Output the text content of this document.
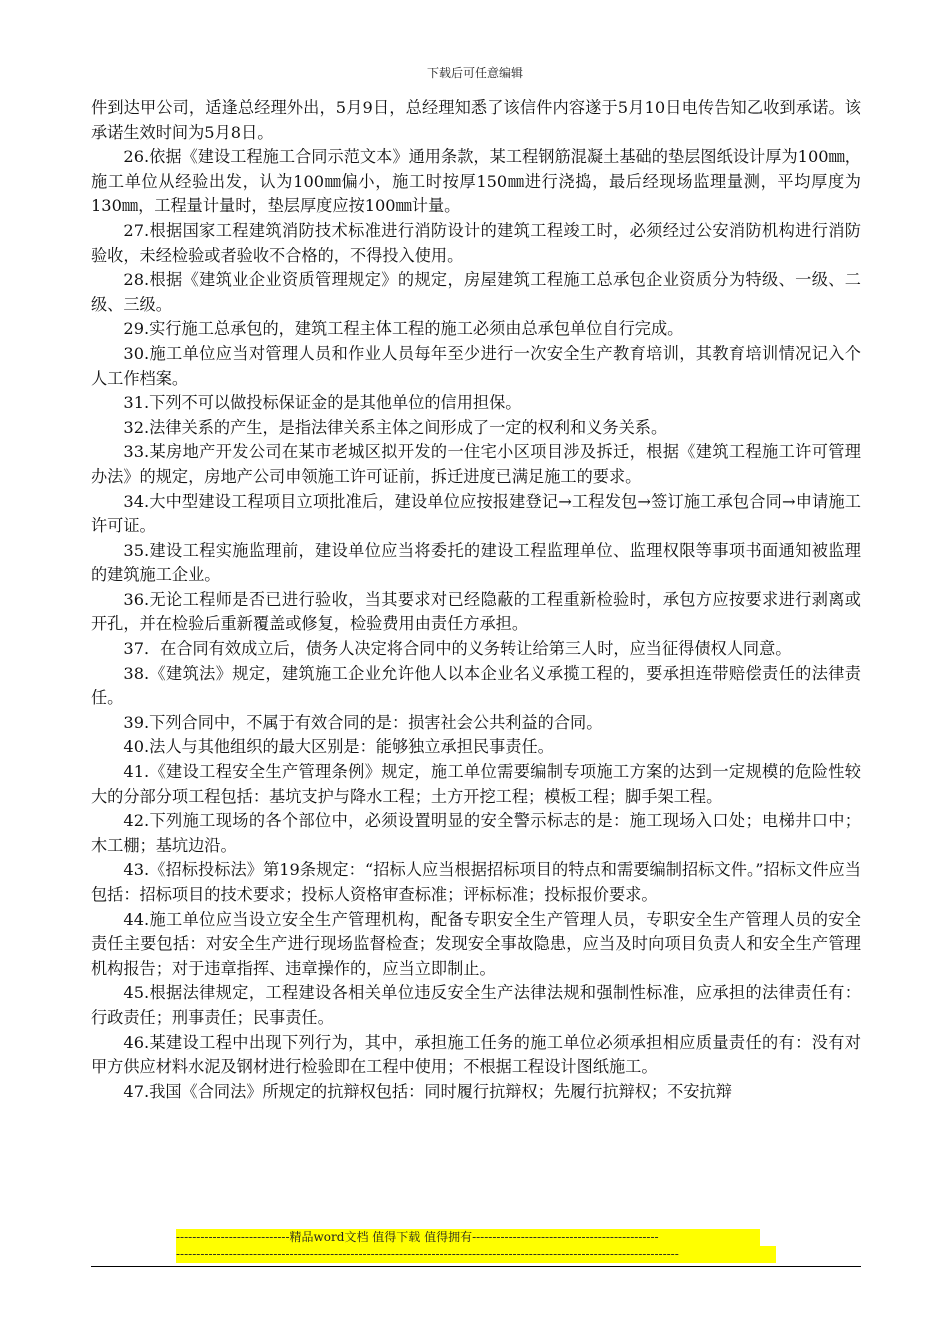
下载后可任意编辑

件到达甲公司，适逢总经理外出，5月9日，总经理知悉了该信件内容遂于5月10日电传告知乙收到承诺。该承诺生效时间为5月8日。

26.依据《建设工程施工合同示范文本》通用条款，某工程钢筋混凝土基础的垫层图纸设计厚为100㎜，施工单位从经验出发，认为100㎜偏小，施工时按厚150㎜进行浇捣，最后经现场监理量测，平均厚度为130㎜，工程量计量时，垫层厚度应按100㎜计量。

27.根据国家工程建筑消防技术标准进行消防设计的建筑工程竣工时，必须经过公安消防机构进行消防验收，未经检验或者验收不合格的，不得投入使用。

28.根据《建筑业企业资质管理规定》的规定，房屋建筑工程施工总承包企业资质分为特级、一级、二级、三级。

29.实行施工总承包的，建筑工程主体工程的施工必须由总承包单位自行完成。

30.施工单位应当对管理人员和作业人员每年至少进行一次安全生产教育培训，其教育培训情况记入个人工作档案。

31.下列不可以做投标保证金的是其他单位的信用担保。

32.法律关系的产生，是指法律关系主体之间形成了一定的权利和义务关系。

33.某房地产开发公司在某市老城区拟开发的一住宅小区项目涉及拆迁，根据《建筑工程施工许可管理办法》的规定，房地产公司申领施工许可证前，拆迁进度已满足施工的要求。

34.大中型建设工程项目立项批准后，建设单位应按报建登记→工程发包→签订施工承包合同→申请施工许可证。

35.建设工程实施监理前，建设单位应当将委托的建设工程监理单位、监理权限等事项书面通知被监理的建筑施工企业。

36.无论工程师是否已进行验收，当其要求对已经隐蔽的工程重新检验时，承包方应按要求进行剥离或开孔，并在检验后重新覆盖或修复，检验费用由责任方承担。

37．在合同有效成立后，债务人决定将合同中的义务转让给第三人时，应当征得债权人同意。

38.《建筑法》规定，建筑施工企业允许他人以本企业名义承揽工程的，要承担连带赔偿责任的法律责任。

39.下列合同中，不属于有效合同的是：损害社会公共利益的合同。

40.法人与其他组织的最大区别是：能够独立承担民事责任。

41.《建设工程安全生产管理条例》规定，施工单位需要编制专项施工方案的达到一定规模的危险性较大的分部分项工程包括：基坑支护与降水工程；土方开挖工程；模板工程；脚手架工程。

42.下列施工现场的各个部位中，必须设置明显的安全警示标志的是：施工现场入口处；电梯井口中；木工棚；基坑边沿。

43.《招标投标法》第19条规定：“招标人应当根据招标项目的特点和需要编制招标文件。”招标文件应当包括：招标项目的技术要求；投标人资格审查标准；评标标准；投标报价要求。

44.施工单位应当设立安全生产管理机构，配备专职安全生产管理人员，专职安全生产管理人员的安全责任主要包括：对安全生产进行现场监督检查；发现安全事故隐患，应当及时向项目负责人和安全生产管理机构报告；对于违章指挥、违章操作的，应当立即制止。

45.根据法律规定，工程建设各相关单位违反安全生产法律法规和强制性标准，应承担的法律责任有：行政责任；刑事责任；民事责任。

46.某建设工程中出现下列行为，其中，承担施工任务的施工单位必须承担相应质量责任的有：没有对甲方供应材料水泥及钢材进行检验即在工程中使用；不根据工程设计图纸施工。

47.我国《合同法》所规定的抗辩权包括：同时履行抗辩权；先履行抗辩权；不安抗辩

----------------------------精品word文档 值得下载 值得拥有----------------------------------------------
----------------------------------------------------------------------------------------------------------------------------
